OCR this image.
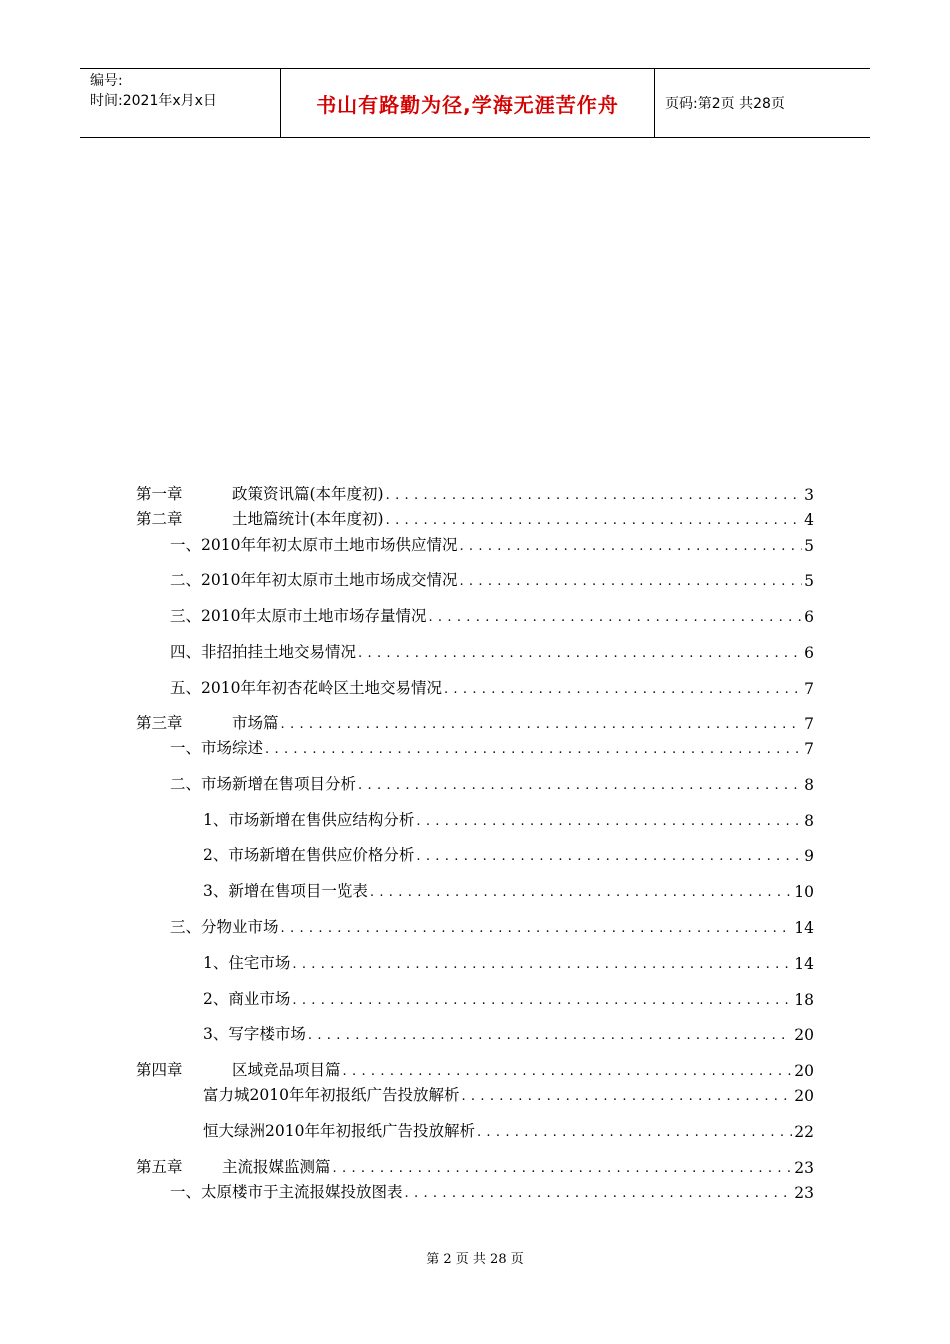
编号:
时间:2021年x月x日	书山有路勤为径,学海无涯苦作舟	页码:第2页 共28页
第一章	政策资讯篇(本年度初) . . .	3
第二章	土地篇统计(本年度初) . . .	4
一、2010年年初太原市土地市场供应情况 . . .	5
二、2010年年初太原市土地市场成交情况 . . .	5
三、2010年太原市土地市场存量情况 . . .	6
四、非招拍挂土地交易情况 . . .	6
五、2010年年初杏花岭区土地交易情况 . . .	7
第三章	市场篇 . . .	7
一、市场综述 . . .	7
二、市场新增在售项目分析 . . .	8
1、市场新增在售供应结构分析 . . .	8
2、市场新增在售供应价格分析 . . .	9
3、新增在售项目一览表 . . .	10
三、分物业市场 . . .	14
1、住宅市场 . . .	14
2、商业市场 . . .	18
3、写字楼市场 . . .	20
第四章	区域竞品项目篇 . . .	20
富力城2010年年初报纸广告投放解析 . . .	20
恒大绿洲2010年年初报纸广告投放解析 . . .	22
第五章	主流报媒监测篇 . . .	23
一、太原楼市于主流报媒投放图表 . . .	23
第 2 页 共 28 页
